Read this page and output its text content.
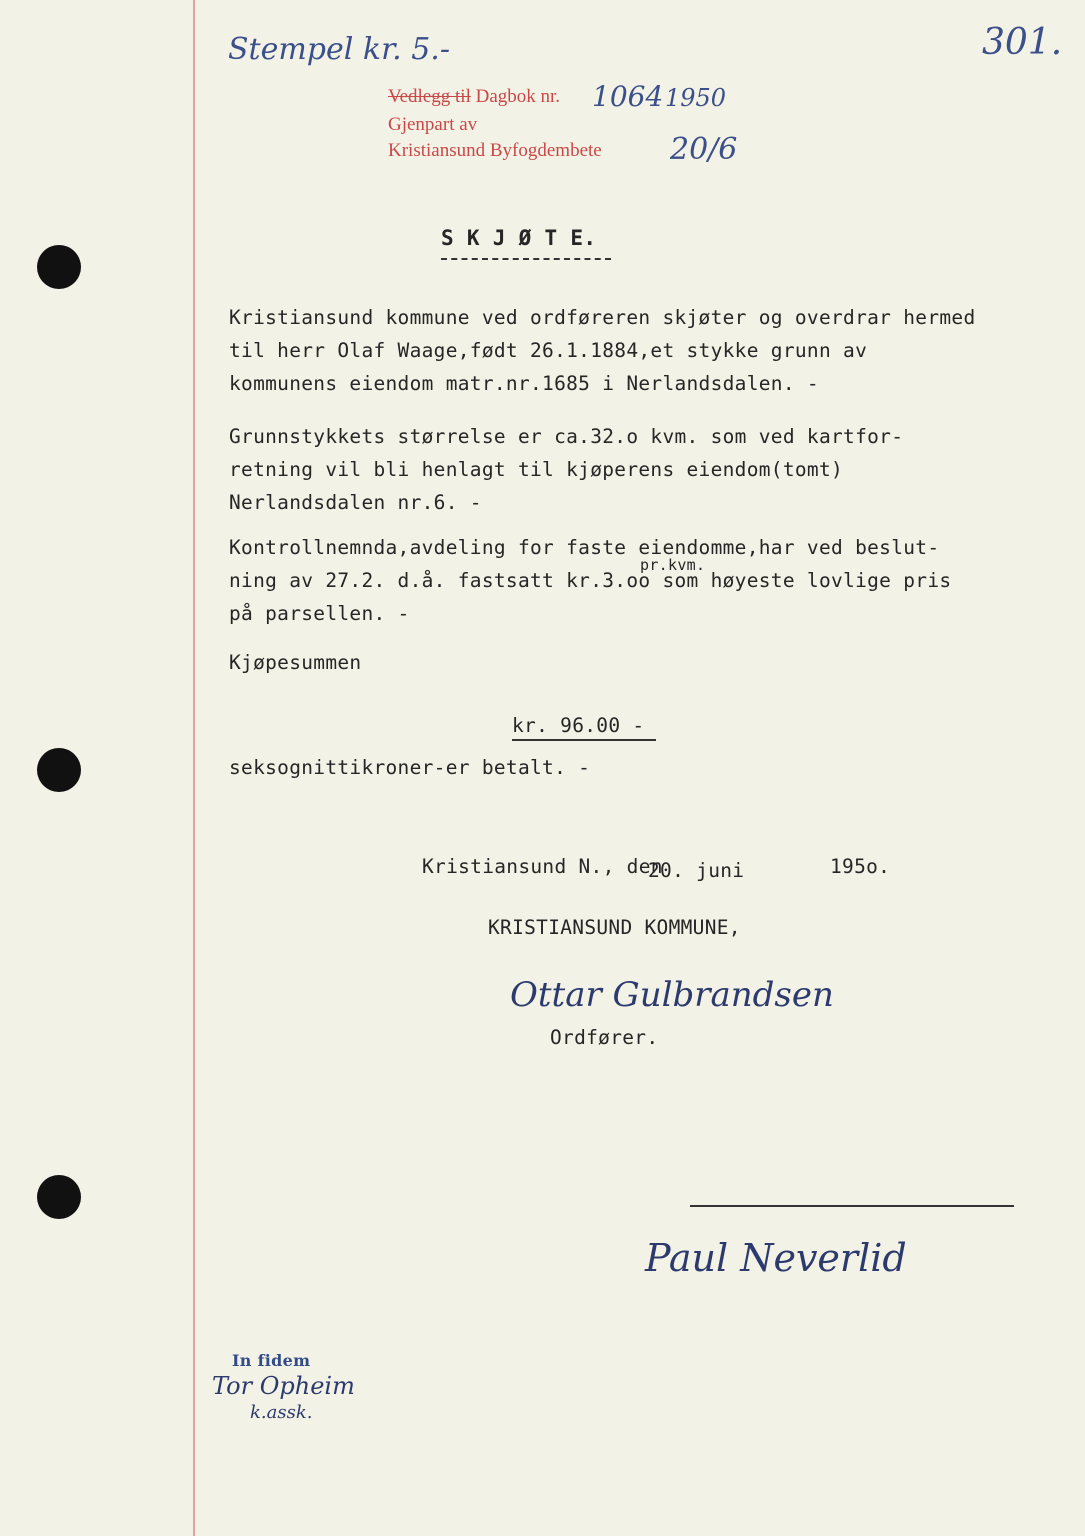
Stempel kr. 5.-	301.
Vedlegg til Dagbok nr. 1064 1950
Gjenpart av
Kristiansund Byfogdembete 20/6
S K J Ø T E.
Kristiansund kommune ved ordføreren skjøter og overdrar hermed
til herr Olaf Waage,født 26.1.1884,et stykke grunn av
kommunens eiendom matr.nr.1685 i Nerlandsdalen. -
Grunnstykkets størrelse er ca.32.o kvm. som ved kartfor-
retning vil bli henlagt til kjøperens eiendom(tomt)
Nerlandsdalen nr.6. -
Kontrollnemnda,avdeling for faste eiendomme,har ved beslut-
pr.kvm.
ning av 27.2. d.å. fastsatt kr.3.oo som høyeste lovlige pris
på parsellen. -
Kjøpesummen
kr. 96.00 -
seksognittikroner-er betalt. -
Kristiansund N., den
20. juni	195o.
KRISTIANSUND KOMMUNE,
Ottar Gulbrandsen
Ordfører.
Paul Neverlid
In fidem
Tor Opheim
k.assk.
